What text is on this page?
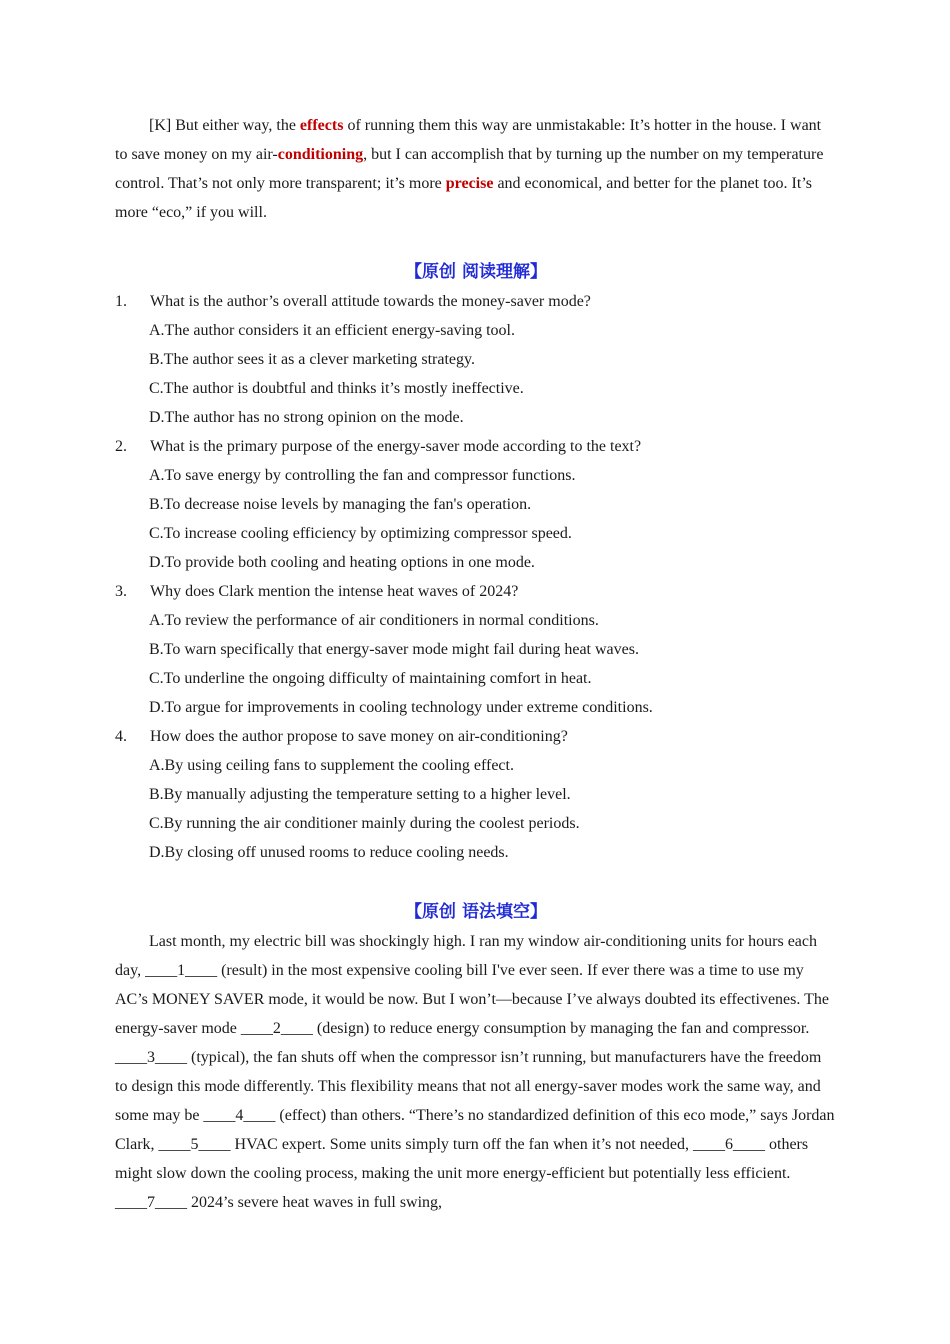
[K] But either way, the effects of running them this way are unmistakable: It’s hotter in the house. I want to save money on my air-conditioning, but I can accomplish that by turning up the number on my temperature control. That’s not only more transparent; it’s more precise and economical, and better for the planet too. It’s more “eco,” if you will.

【原创 阅读理解】
1. What is the author’s overall attitude towards the money-saver mode?
A.The author considers it an efficient energy-saving tool.
B.The author sees it as a clever marketing strategy.
C.The author is doubtful and thinks it’s mostly ineffective.
D.The author has no strong opinion on the mode.
2. What is the primary purpose of the energy-saver mode according to the text?
A.To save energy by controlling the fan and compressor functions.
B.To decrease noise levels by managing the fan's operation.
C.To increase cooling efficiency by optimizing compressor speed.
D.To provide both cooling and heating options in one mode.
3. Why does Clark mention the intense heat waves of 2024?
A.To review the performance of air conditioners in normal conditions.
B.To warn specifically that energy-saver mode might fail during heat waves.
C.To underline the ongoing difficulty of maintaining comfort in heat.
D.To argue for improvements in cooling technology under extreme conditions.
4. How does the author propose to save money on air-conditioning?
A.By using ceiling fans to supplement the cooling effect.
B.By manually adjusting the temperature setting to a higher level.
C.By running the air conditioner mainly during the coolest periods.
D.By closing off unused rooms to reduce cooling needs.
【原创 语法填空】

Last month, my electric bill was shockingly high. I ran my window air-conditioning units for hours each day, ____1____ (result) in the most expensive cooling bill I've ever seen. If ever there was a time to use my AC’s MONEY SAVER mode, it would be now. But I won’t—because I’ve always doubted its effectivenes. The energy-saver mode ____2____ (design) to reduce energy consumption by managing the fan and compressor. ____3____ (typical), the fan shuts off when the compressor isn’t running, but manufacturers have the freedom to design this mode differently. This flexibility means that not all energy-saver modes work the same way, and some may be ____4____ (effect) than others. “There’s no standardized definition of this eco mode,” says Jordan Clark, ____5____ HVAC expert. Some units simply turn off the fan when it’s not needed, ____6____ others might slow down the cooling process, making the unit more energy-efficient but potentially less efficient. ____7____ 2024’s severe heat waves in full swing,
